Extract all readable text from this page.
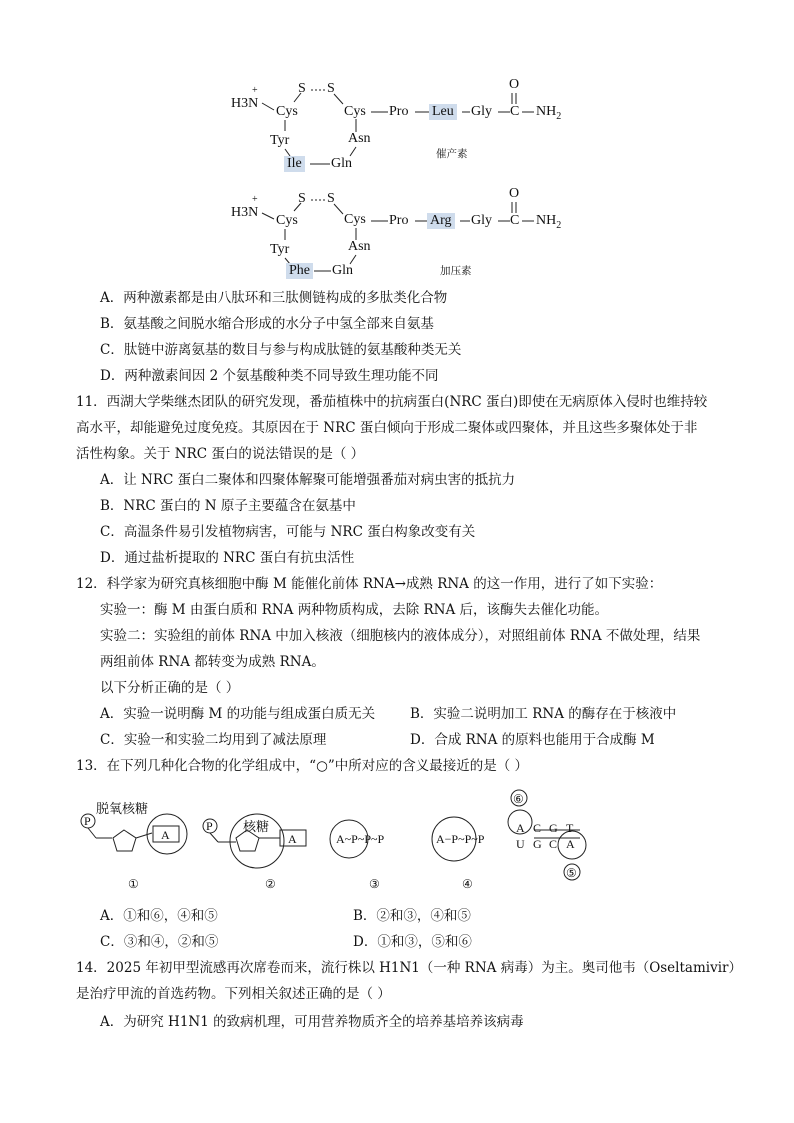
H3N
+	S S
Cys	Cys Pro Leu Gly C
O
$NH_2$
Asn
Tyr
Ile Gln
催产素
H3N
+	S S
Cys	Cys Pro Arg Gly C
O
$NH_2$
Asn
Tyr
Phe Gln	加压素
A．两种激素都是由八肽环和三肽侧链构成的多肽类化合物
B．氨基酸之间脱水缩合形成的水分子中氢全部来自氨基
C．肽链中游离氨基的数目与参与构成肽链的氨基酸种类无关
D．两种激素间因 2 个氨基酸种类不同导致生理功能不同
11．西湖大学柴继杰团队的研究发现，番茄植株中的抗病蛋白(NRC 蛋白)即使在无病原体入侵时也维持较
高水平，却能避免过度免疫。其原因在于 NRC 蛋白倾向于形成二聚体或四聚体，并且这些多聚体处于非
活性构象。关于 NRC 蛋白的说法错误的是（ ）
A．让 NRC 蛋白二聚体和四聚体解聚可能增强番茄对病虫害的抵抗力
B．NRC 蛋白的 N 原子主要蕴含在氨基中
C．高温条件易引发植物病害，可能与 NRC 蛋白构象改变有关
D．通过盐析提取的 NRC 蛋白有抗虫活性
12．科学家为研究真核细胞中酶 M 能催化前体 RNA→成熟 RNA 的这一作用，进行了如下实验：
实验一：酶 M 由蛋白质和 RNA 两种物质构成，去除 RNA 后，该酶失去催化功能。
实验二：实验组的前体 RNA 中加入核液（细胞核内的液体成分），对照组前体 RNA 不做处理，结果
两组前体 RNA 都转变为成熟 RNA。
以下分析正确的是（ ）
A．实验一说明酶 M 的功能与组成蛋白质无关	B．实验二说明加工 RNA 的酶存在于核液中
C．实验一和实验二均用到了减法原理	D．合成 RNA 的原料也能用于合成酶 M
13．在下列几种化合物的化学组成中，“○”中所对应的含义最接近的是（ ）
P
A
P
A	A~P~P~P	A−P~P~P
A C G T
U G C A
⑥
⑤
①	②	③	④
脱氧核糖
核糖
A．①和⑥，④和⑤	B．②和③，④和⑤
C．③和④，②和⑤	D．①和③，⑤和⑥
14．2025 年初甲型流感再次席卷而来，流行株以 H1N1（一种 RNA 病毒）为主。奥司他韦（Oseltamivir）
是治疗甲流的首选药物。下列相关叙述正确的是（ ）
A．为研究 H1N1 的致病机理，可用营养物质齐全的培养基培养该病毒
